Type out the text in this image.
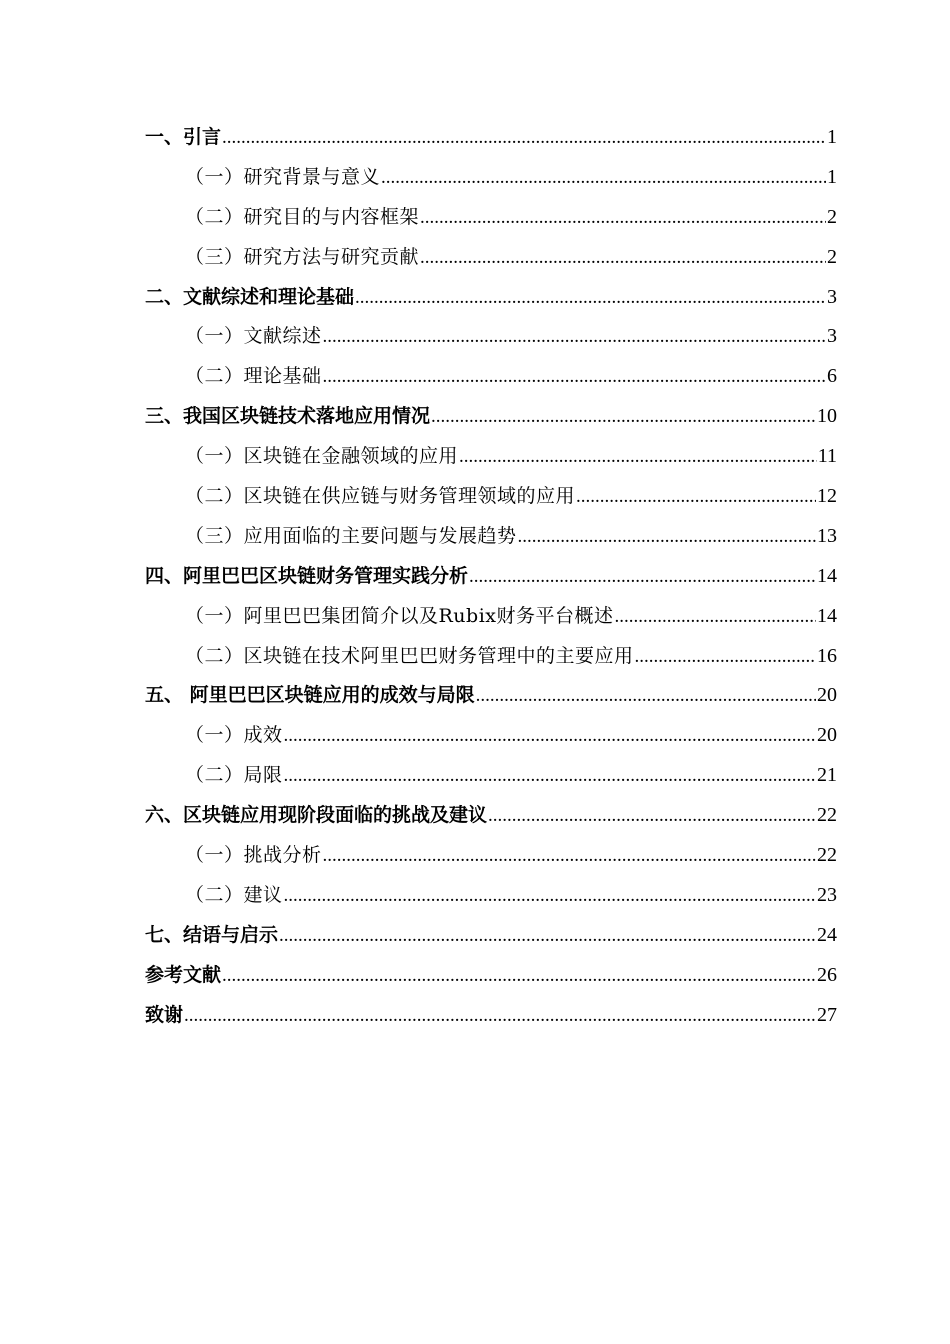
一、引言 .....	1
（一）研究背景与意义 .....	1
（二）研究目的与内容框架 .....	2
（三）研究方法与研究贡献 .....	2
二、文献综述和理论基础 .....	3
（一）文献综述 .....	3
（二）理论基础 .....	6
三、我国区块链技术落地应用情况 .....	10
（一）区块链在金融领域的应用 .....	11
（二）区块链在供应链与财务管理领域的应用 .....	12
（三）应用面临的主要问题与发展趋势 .....	13
四、阿里巴巴区块链财务管理实践分析 .....	14
（一）阿里巴巴集团简介以及Rubix财务平台概述 .....	14
（二）区块链在技术阿里巴巴财务管理中的主要应用 .....	16
五、 阿里巴巴区块链应用的成效与局限 .....	20
（一）成效 .....	20
（二）局限 .....	21
六、区块链应用现阶段面临的挑战及建议 .....	22
（一）挑战分析 .....	22
（二）建议 .....	23
七、结语与启示 .....	24
参考文献 .....	26
致谢 .....	27
